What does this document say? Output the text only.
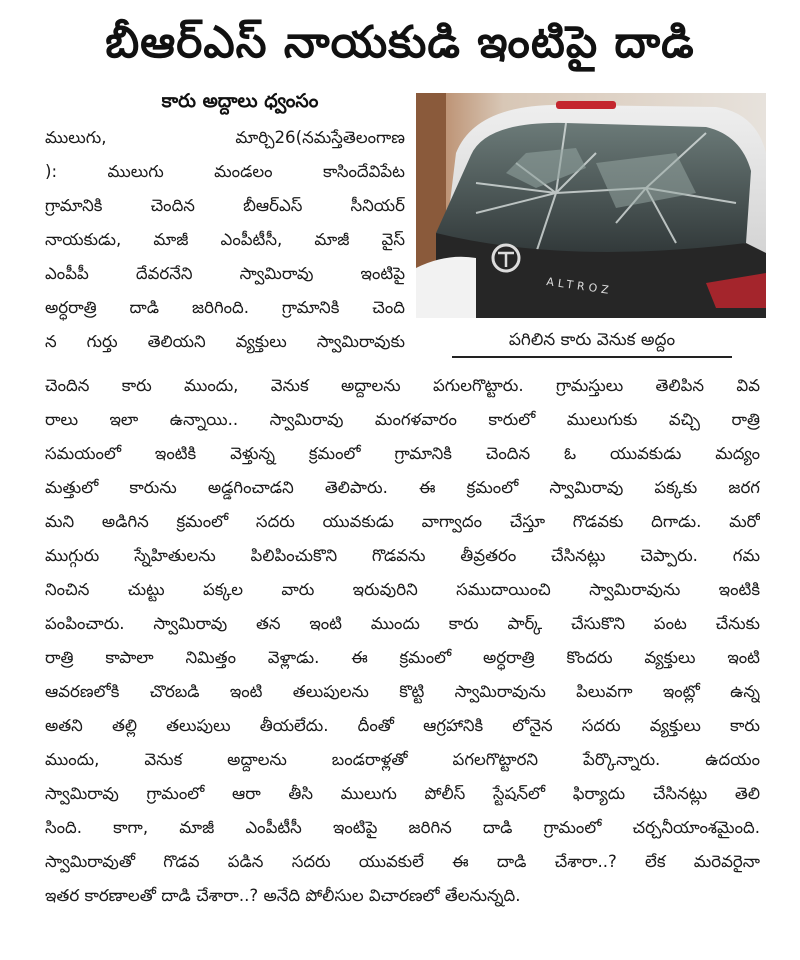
బీఆర్ఎస్ నాయకుడి ఇంటిపై దాడి
కారు అద్దాలు ధ్వంసం
ALTROZ

పగిలిన కారు వెనుక అద్దం

ములుగు, మార్చి26(నమస్తేతెలంగాణ

): ములుగు మండలం కాసిందేవిపేట

గ్రామానికి చెందిన బీఆర్ఎస్ సీనియర్

నాయకుడు, మాజీ ఎంపీటీసీ, మాజీ వైస్

ఎంపీపీ దేవరనేని స్వామిరావు ఇంటిపై

అర్ధరాత్రి దాడి జరిగింది. గ్రామానికి చెంది

న గుర్తు తెలియని వ్యక్తులు స్వామిరావుకు

చెందిన కారు ముందు, వెనుక అద్దాలను పగులగొట్టారు. గ్రామస్తులు తెలిపిన వివ

రాలు ఇలా ఉన్నాయి.. స్వామిరావు మంగళవారం కారులో ములుగుకు వచ్చి రాత్రి

సమయంలో ఇంటికి వెళ్తున్న క్రమంలో గ్రామానికి చెందిన ఓ యువకుడు మద్యం

మత్తులో కారును అడ్డగించాడని తెలిపారు. ఈ క్రమంలో స్వామిరావు పక్కకు జరగ

మని అడిగిన క్రమంలో సదరు యువకుడు వాగ్వాదం చేస్తూ గొడవకు దిగాడు. మరో

ముగ్గురు స్నేహితులను పిలిపించుకొని గొడవను తీవ్రతరం చేసినట్లు చెప్పారు. గమ

నించిన చుట్టు పక్కల వారు ఇరువురిని సముదాయించి స్వామిరావును ఇంటికి

పంపించారు. స్వామిరావు తన ఇంటి ముందు కారు పార్క్ చేసుకొని పంట చేనుకు

రాత్రి కాపాలా నిమిత్తం వెళ్లాడు. ఈ క్రమంలో అర్ధరాత్రి కొందరు వ్యక్తులు ఇంటి

ఆవరణలోకి చొరబడి ఇంటి తలుపులను కొట్టి స్వామిరావును పిలువగా ఇంట్లో ఉన్న

అతని తల్లి తలుపులు తీయలేదు. దీంతో ఆగ్రహానికి లోనైన సదరు వ్యక్తులు కారు

ముందు, వెనుక అద్దాలను బండరాళ్లతో పగలగొట్టారని పేర్కొన్నారు. ఉదయం

స్వామిరావు గ్రామంలో ఆరా తీసి ములుగు పోలీస్ స్టేషన్‌లో ఫిర్యాదు చేసినట్లు తెలి

సింది. కాగా, మాజీ ఎంపీటీసీ ఇంటిపై జరిగిన దాడి గ్రామంలో చర్చనీయాంశమైంది.

స్వామిరావుతో గొడవ పడిన సదరు యువకులే ఈ దాడి చేశారా..? లేక మరెవరైనా

ఇతర కారణాలతో దాడి చేశారా..? అనేది పోలీసుల విచారణలో తేలనున్నది.
